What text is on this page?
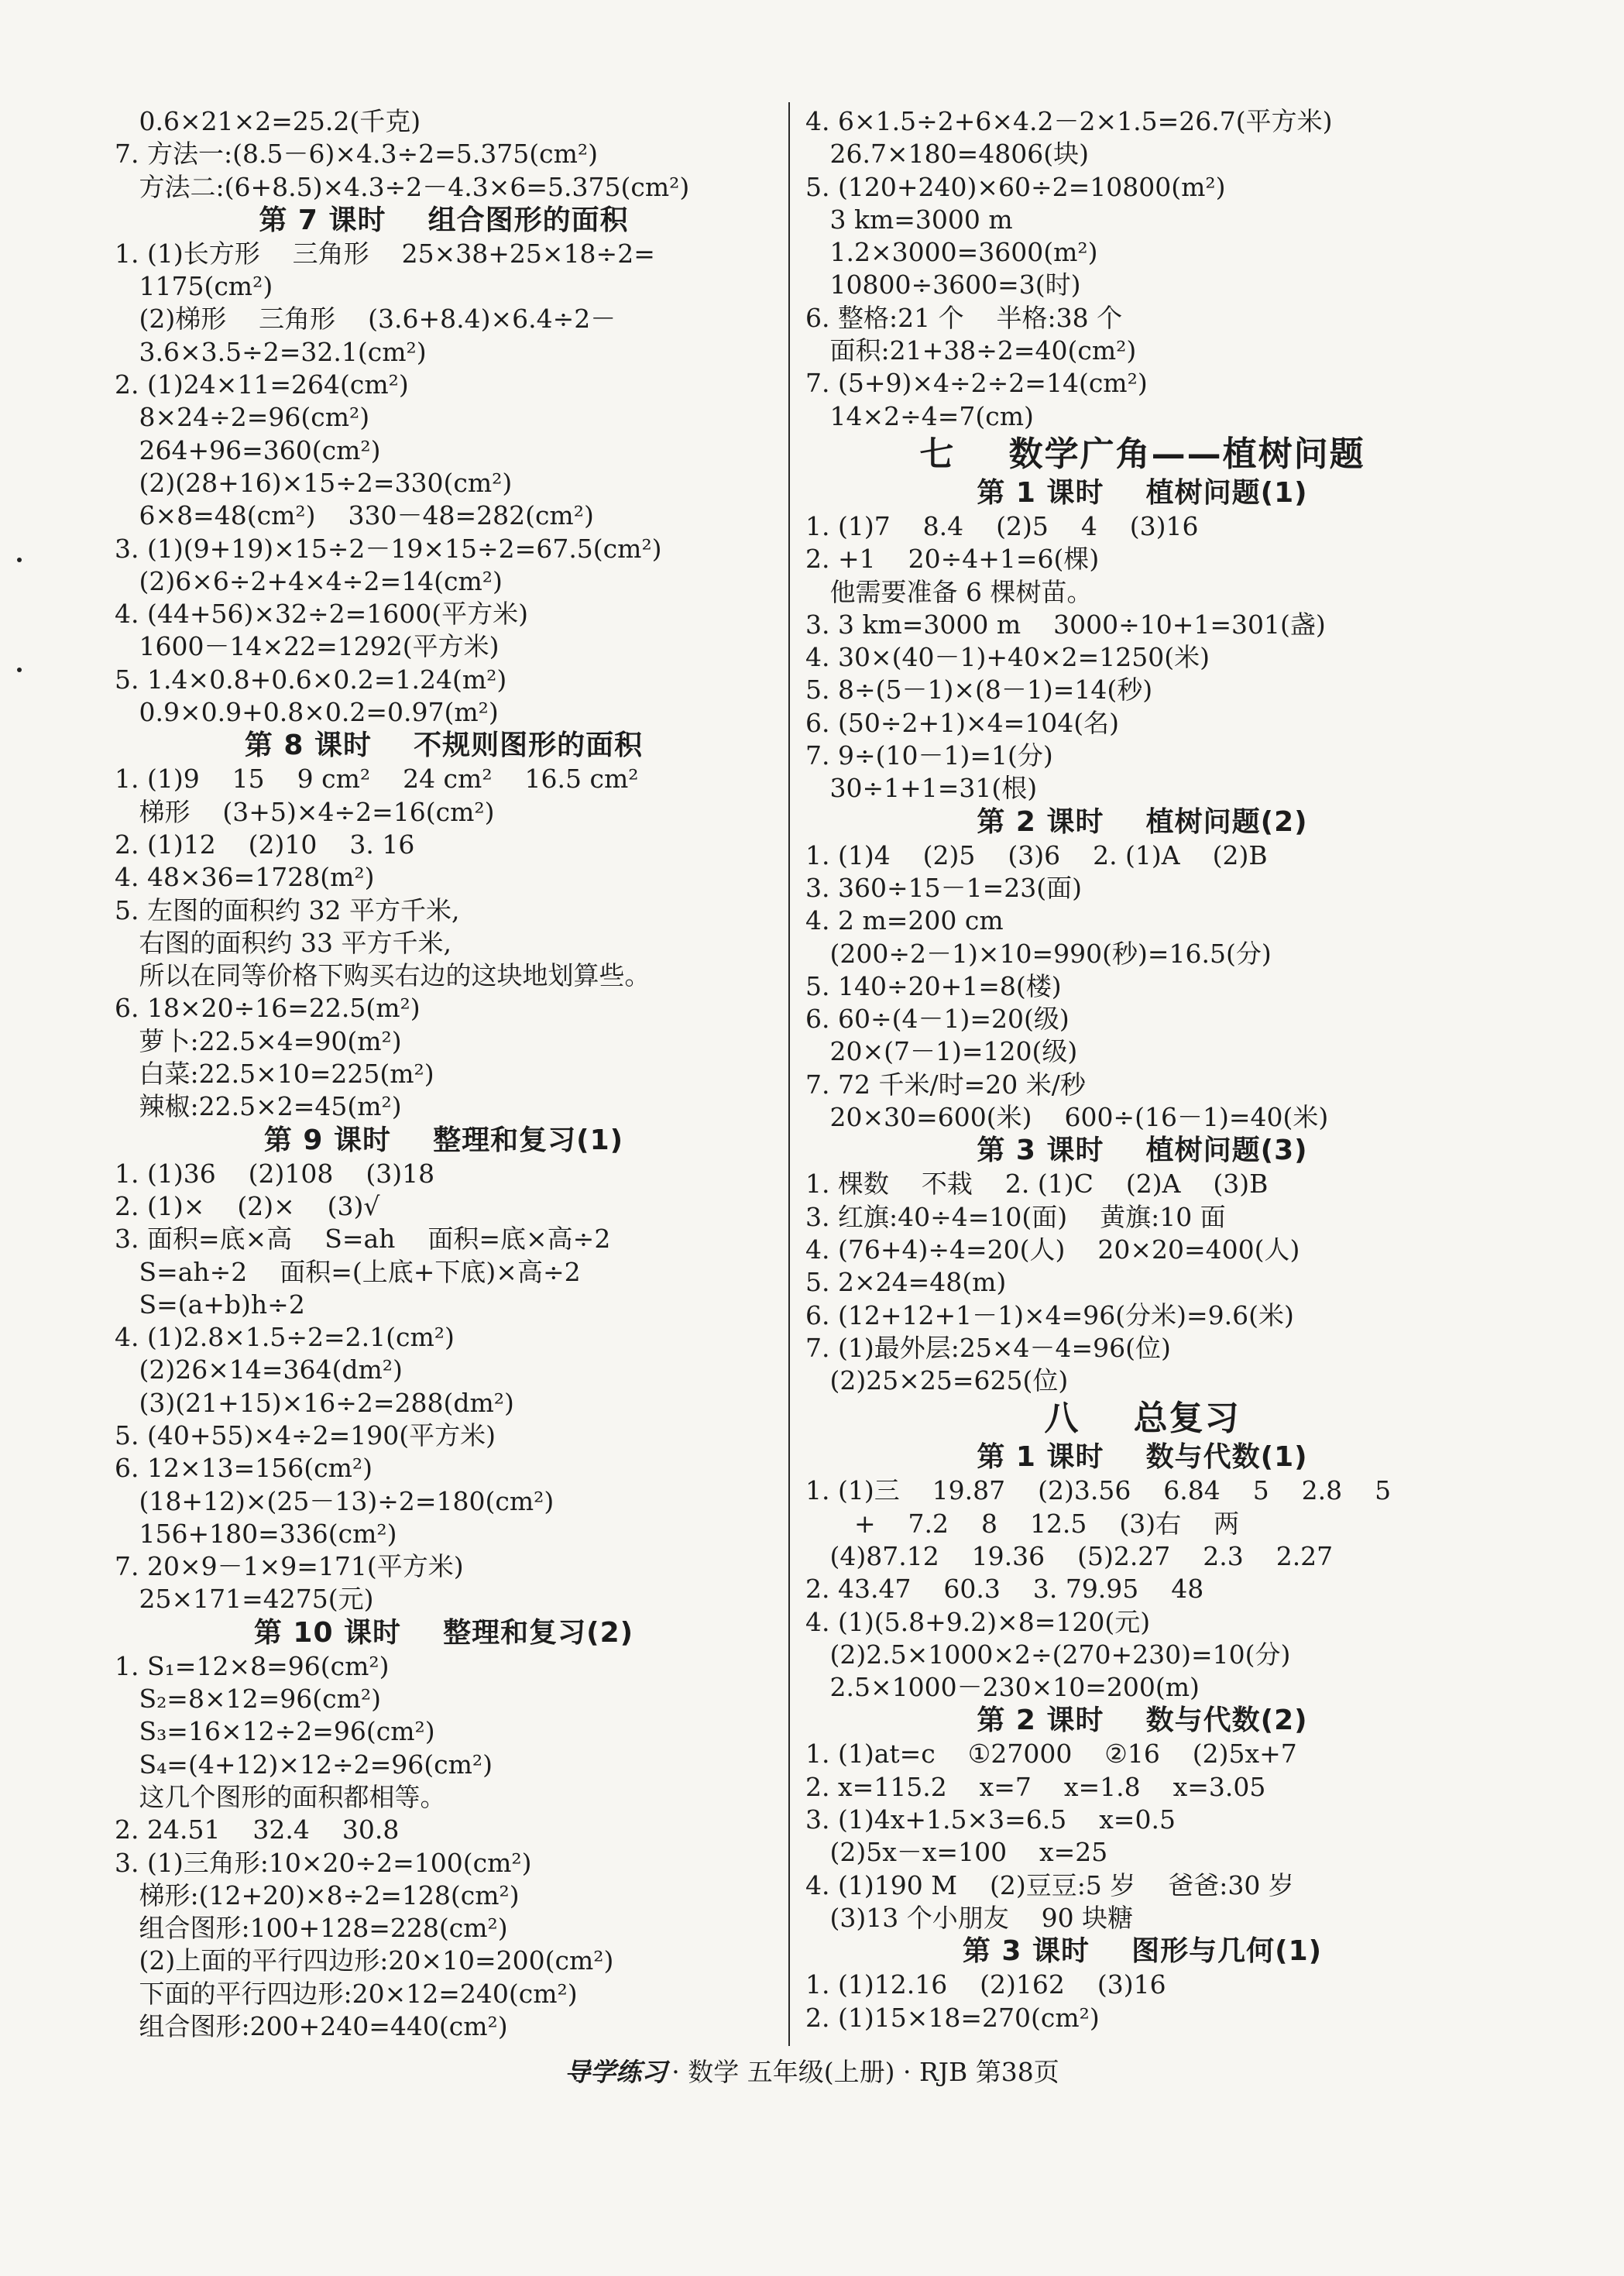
0.6×21×2=25.2(千克)
7. 方法一:(8.5－6)×4.3÷2=5.375(cm²)
方法二:(6+8.5)×4.3÷2－4.3×6=5.375(cm²)
第 7 课时    组合图形的面积
1. (1)长方形    三角形    25×38+25×18÷2=
1175(cm²)
(2)梯形    三角形    (3.6+8.4)×6.4÷2－
3.6×3.5÷2=32.1(cm²)
2. (1)24×11=264(cm²)
8×24÷2=96(cm²)
264+96=360(cm²)
(2)(28+16)×15÷2=330(cm²)
6×8=48(cm²)    330－48=282(cm²)
3. (1)(9+19)×15÷2－19×15÷2=67.5(cm²)
(2)6×6÷2+4×4÷2=14(cm²)
4. (44+56)×32÷2=1600(平方米)
1600－14×22=1292(平方米)
5. 1.4×0.8+0.6×0.2=1.24(m²)
0.9×0.9+0.8×0.2=0.97(m²)
第 8 课时    不规则图形的面积
1. (1)9    15    9 cm²    24 cm²    16.5 cm²
梯形    (3+5)×4÷2=16(cm²)
2. (1)12    (2)10    3. 16
4. 48×36=1728(m²)
5. 左图的面积约 32 平方千米,
右图的面积约 33 平方千米,
所以在同等价格下购买右边的这块地划算些。
6. 18×20÷16=22.5(m²)
萝卜:22.5×4=90(m²)
白菜:22.5×10=225(m²)
辣椒:22.5×2=45(m²)
第 9 课时    整理和复习(1)
1. (1)36    (2)108    (3)18
2. (1)×    (2)×    (3)√
3. 面积=底×高    S=ah    面积=底×高÷2
S=ah÷2    面积=(上底+下底)×高÷2
S=(a+b)h÷2
4. (1)2.8×1.5÷2=2.1(cm²)
(2)26×14=364(dm²)
(3)(21+15)×16÷2=288(dm²)
5. (40+55)×4÷2=190(平方米)
6. 12×13=156(cm²)
(18+12)×(25－13)÷2=180(cm²)
156+180=336(cm²)
7. 20×9－1×9=171(平方米)
25×171=4275(元)
第 10 课时    整理和复习(2)
1. S₁=12×8=96(cm²)
S₂=8×12=96(cm²)
S₃=16×12÷2=96(cm²)
S₄=(4+12)×12÷2=96(cm²)
这几个图形的面积都相等。
2. 24.51    32.4    30.8
3. (1)三角形:10×20÷2=100(cm²)
梯形:(12+20)×8÷2=128(cm²)
组合图形:100+128=228(cm²)
(2)上面的平行四边形:20×10=200(cm²)
下面的平行四边形:20×12=240(cm²)
组合图形:200+240=440(cm²)
4. 6×1.5÷2+6×4.2－2×1.5=26.7(平方米)
26.7×180=4806(块)
5. (120+240)×60÷2=10800(m²)
3 km=3000 m
1.2×3000=3600(m²)
10800÷3600=3(时)
6. 整格:21 个    半格:38 个
面积:21+38÷2=40(cm²)
7. (5+9)×4÷2÷2=14(cm²)
14×2÷4=7(cm)
七    数学广角——植树问题
第 1 课时    植树问题(1)
1. (1)7    8.4    (2)5    4    (3)16
2. +1    20÷4+1=6(棵)
他需要准备 6 棵树苗。
3. 3 km=3000 m    3000÷10+1=301(盏)
4. 30×(40－1)+40×2=1250(米)
5. 8÷(5－1)×(8－1)=14(秒)
6. (50÷2+1)×4=104(名)
7. 9÷(10－1)=1(分)
30÷1+1=31(根)
第 2 课时    植树问题(2)
1. (1)4    (2)5    (3)6    2. (1)A    (2)B
3. 360÷15－1=23(面)
4. 2 m=200 cm
(200÷2－1)×10=990(秒)=16.5(分)
5. 140÷20+1=8(楼)
6. 60÷(4－1)=20(级)
20×(7－1)=120(级)
7. 72 千米/时=20 米/秒
20×30=600(米)    600÷(16－1)=40(米)
第 3 课时    植树问题(3)
1. 棵数    不栽    2. (1)C    (2)A    (3)B
3. 红旗:40÷4=10(面)    黄旗:10 面
4. (76+4)÷4=20(人)    20×20=400(人)
5. 2×24=48(m)
6. (12+12+1－1)×4=96(分米)=9.6(米)
7. (1)最外层:25×4－4=96(位)
(2)25×25=625(位)
八    总复习
第 1 课时    数与代数(1)
1. (1)三    19.87    (2)3.56    6.84    5    2.8    5
+    7.2    8    12.5    (3)右    两
(4)87.12    19.36    (5)2.27    2.3    2.27
2. 43.47    60.3    3. 79.95    48
4. (1)(5.8+9.2)×8=120(元)
(2)2.5×1000×2÷(270+230)=10(分)
2.5×1000－230×10=200(m)
第 2 课时    数与代数(2)
1. (1)at=c    ①27000    ②16    (2)5x+7
2. x=115.2    x=7    x=1.8    x=3.05
3. (1)4x+1.5×3=6.5    x=0.5
(2)5x－x=100    x=25
4. (1)190 M    (2)豆豆:5 岁    爸爸:30 岁
(3)13 个小朋友    90 块糖
第 3 课时    图形与几何(1)
1. (1)12.16    (2)162    (3)16
2. (1)15×18=270(cm²)
导学练习 · 数学 五年级(上册) · RJB 第38页
